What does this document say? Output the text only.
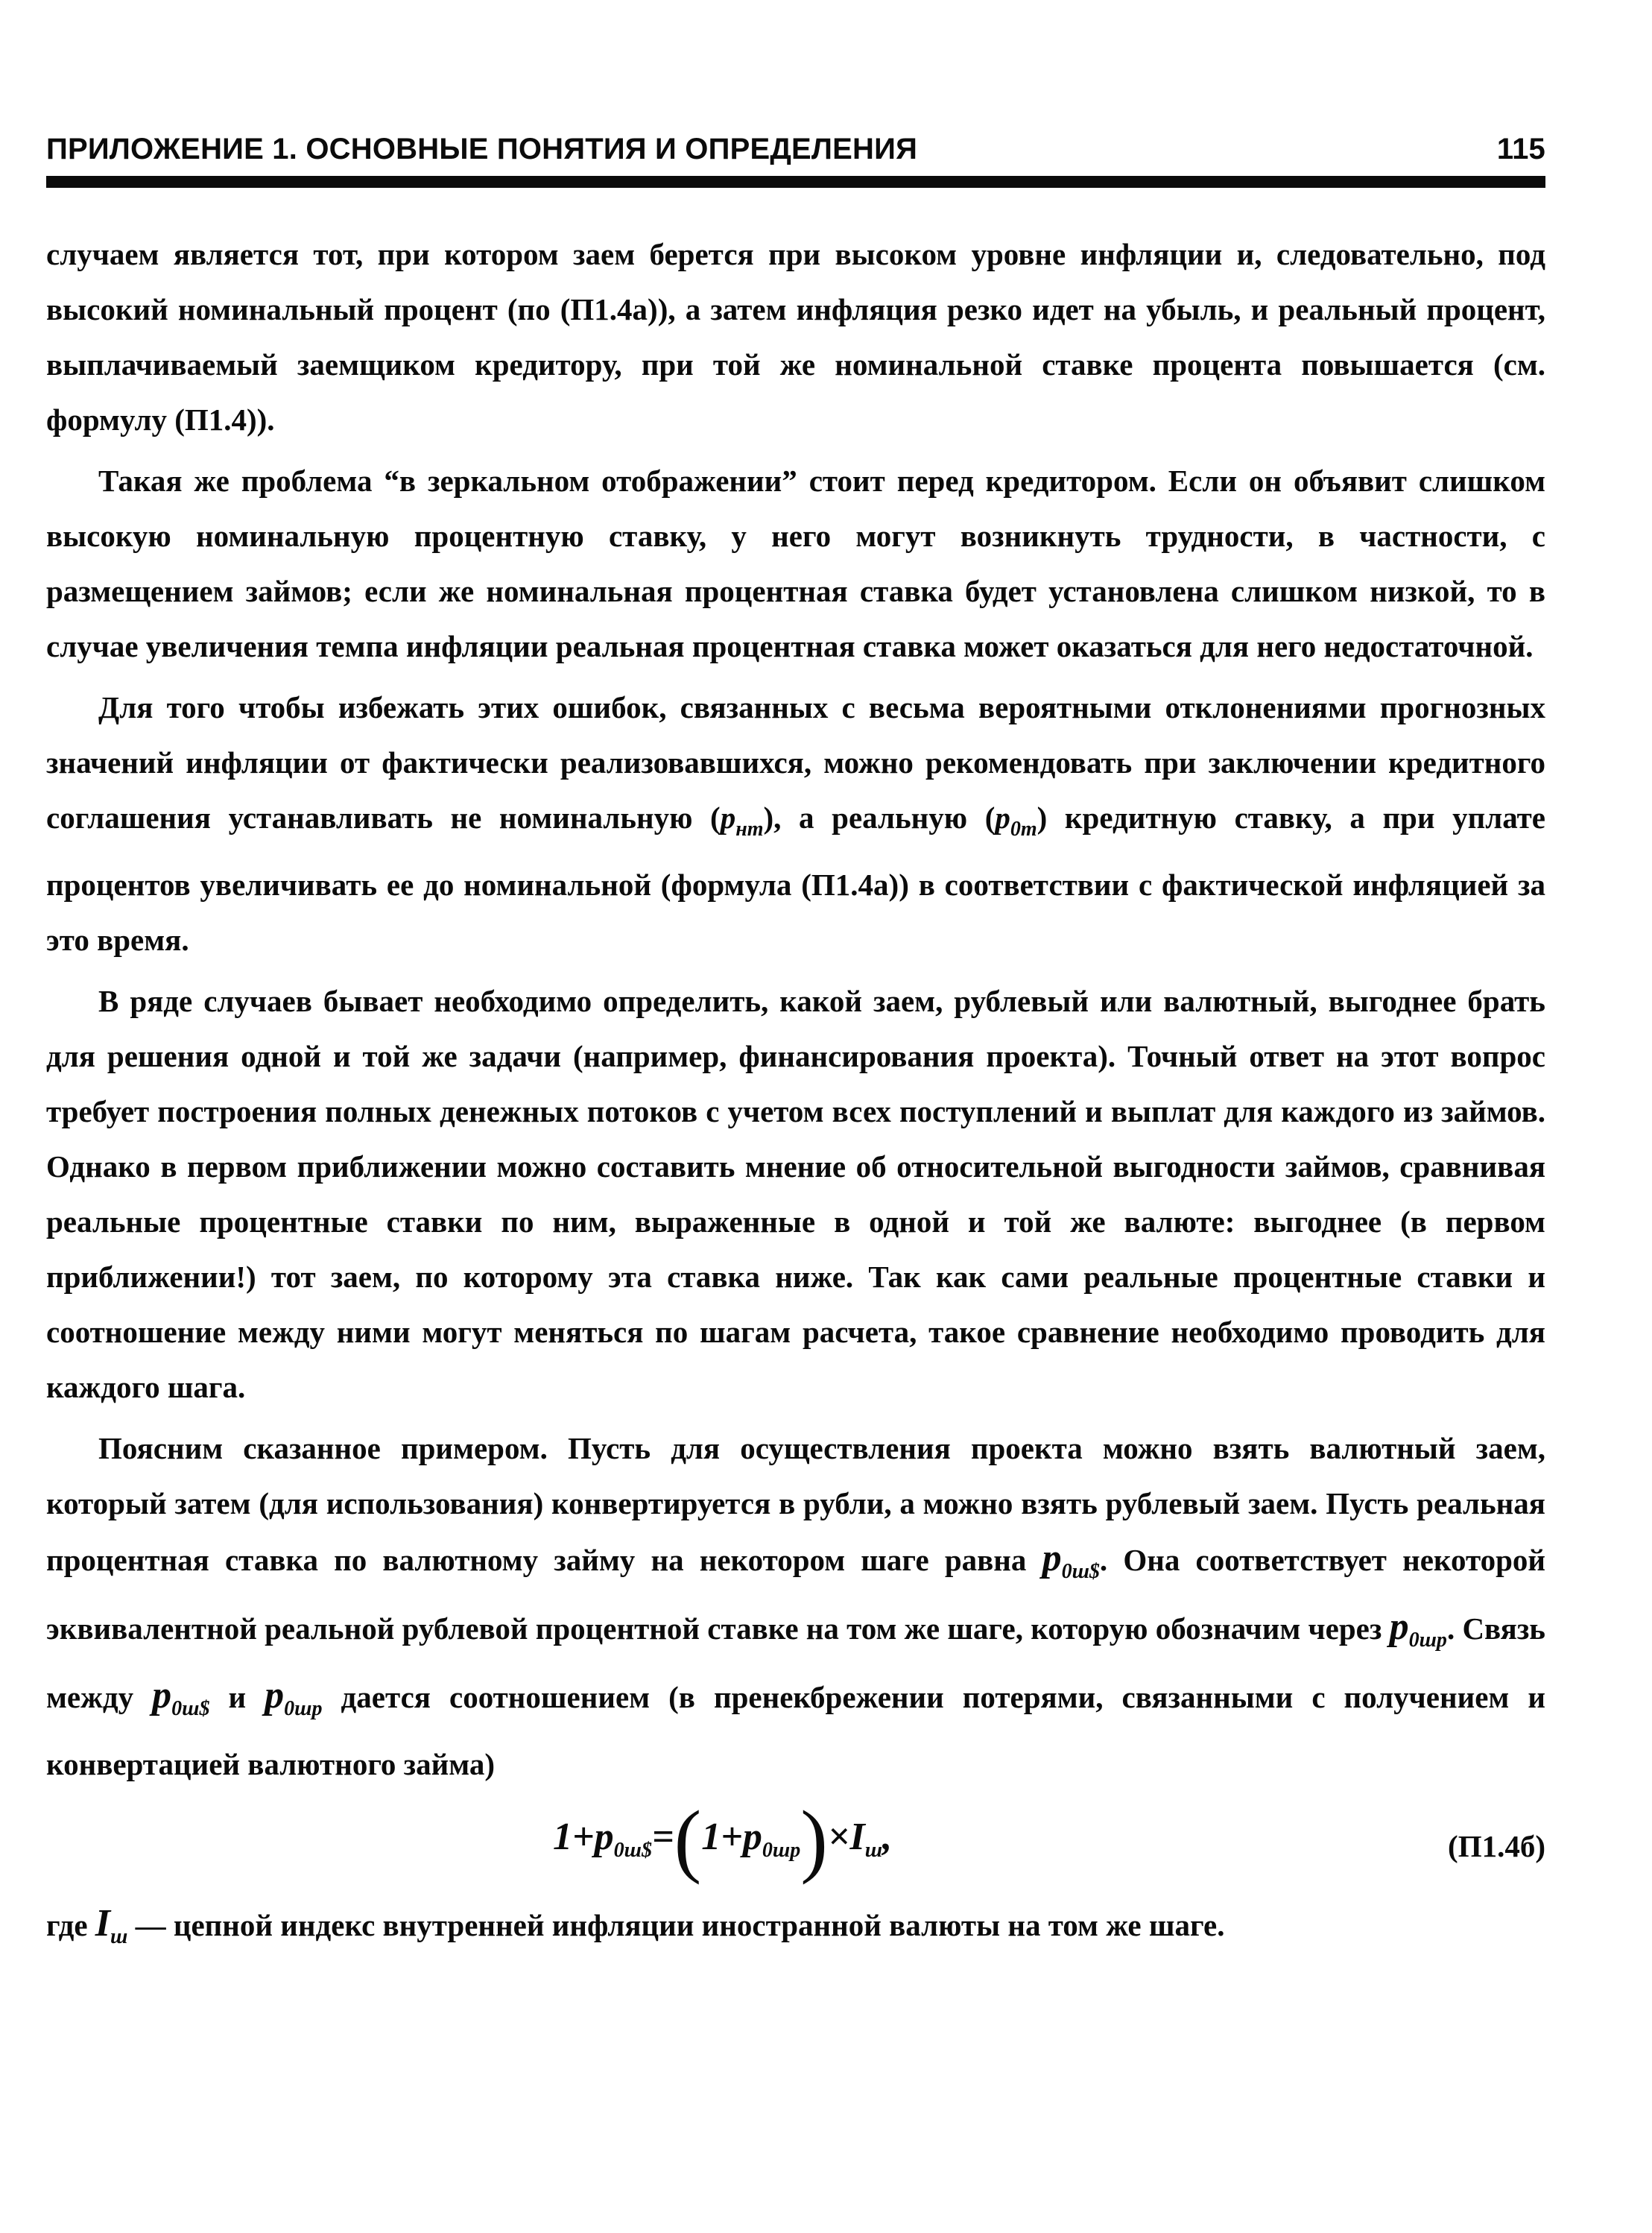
ПРИЛОЖЕНИЕ 1. ОСНОВНЫЕ ПОНЯТИЯ И ОПРЕДЕЛЕНИЯ	115

случаем является тот, при котором заем берется при высоком уровне инфляции и, следовательно, под высокий номинальный процент (по (П1.4а)), а затем инфляция резко идет на убыль, и реальный процент, выплачиваемый заемщиком кредитору, при той же номинальной ставке процента повышается (см. формулу (П1.4)).

Такая же проблема “в зеркальном отображении” стоит перед кредитором. Если он объявит слишком высокую номинальную процентную ставку, у него могут возникнуть трудности, в частности, с размещением займов; если же номинальная процентная ставка будет установлена слишком низкой, то в случае увеличения темпа инфляции реальная процентная ставка может оказаться для него недостаточной.

Для того чтобы избежать этих ошибок, связанных с весьма вероятными отклонениями прогнозных значений инфляции от фактически реализовавшихся, можно рекомендовать при заключении кредитного соглашения устанавливать не номинальную $(p_{нm})$, а реальную $(p_{0m})$ кредитную ставку, а при уплате процентов увеличивать ее до номинальной (формула (П1.4а)) в соответствии с фактической инфляцией за это время.

В ряде случаев бывает необходимо определить, какой заем, рублевый или валютный, выгоднее брать для решения одной и той же задачи (например, финансирования проекта). Точный ответ на этот вопрос требует построения полных денежных потоков с учетом всех поступлений и выплат для каждого из займов. Однако в первом приближении можно составить мнение об относительной выгодности займов, сравнивая реальные процентные ставки по ним, выраженные в одной и той же валюте: выгоднее (в первом приближении!) тот заем, по которому эта ставка ниже. Так как сами реальные процентные ставки и соотношение между ними могут меняться по шагам расчета, такое сравнение необходимо проводить для каждого шага.

Поясним сказанное примером. Пусть для осуществления проекта можно взять валютный заем, который затем (для использования) конвертируется в рубли, а можно взять рублевый заем. Пусть реальная процентная ставка по валютному займу на некотором шаге равна $p_{0ш\$}$. Она соответствует некоторой эквивалентной реальной рублевой процентной ставке на том же шаге, которую обозначим через $p_{0шр}$. Связь между $p_{0ш\$}$ и $p_{0шр}$ дается соотношением (в пренекбрежении потерями, связанными с получением и конвертацией валютного займа)

$1+p_{0ш\$}=(1+p_{0шр})\times I_ш$,	(П1.4б)

где $I_ш$ — цепной индекс внутренней инфляции иностранной валюты на том же шаге.
